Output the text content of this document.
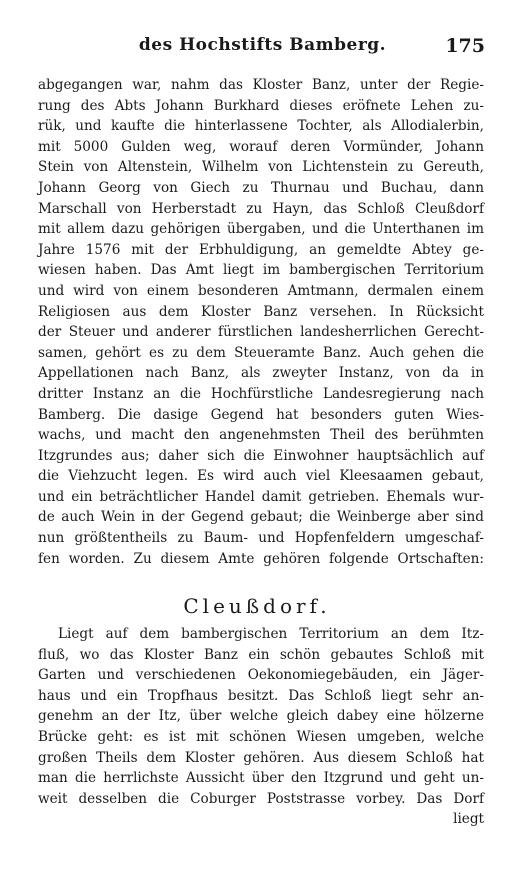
des Hochstifts Bamberg.	175
abgegangen war, nahm das Kloster Banz, unter der Regie-
rung des Abts Johann Burkhard dieses eröfnete Lehen zu-
rük, und kaufte die hinterlassene Tochter, als Allodialerbin,
mit 5000 Gulden weg, worauf deren Vormünder, Johann
Stein von Altenstein, Wilhelm von Lichtenstein zu Gereuth,
Johann Georg von Giech zu Thurnau und Buchau, dann
Marschall von Herberstadt zu Hayn, das Schloß Cleußdorf
mit allem dazu gehörigen übergaben, und die Unterthanen im
Jahre 1576 mit der Erbhuldigung, an gemeldte Abtey ge-
wiesen haben. Das Amt liegt im bambergischen Territorium
und wird von einem besonderen Amtmann, dermalen einem
Religiosen aus dem Kloster Banz versehen. In Rücksicht
der Steuer und anderer fürstlichen landesherrlichen Gerecht-
samen, gehört es zu dem Steueramte Banz. Auch gehen die
Appellationen nach Banz, als zweyter Instanz, von da in
dritter Instanz an die Hochfürstliche Landesregierung nach
Bamberg. Die dasige Gegend hat besonders guten Wies-
wachs, und macht den angenehmsten Theil des berühmten
Itzgrundes aus; daher sich die Einwohner hauptsächlich auf
die Viehzucht legen. Es wird auch viel Kleesaamen gebaut,
und ein beträchtlicher Handel damit getrieben. Ehemals wur-
de auch Wein in der Gegend gebaut; die Weinberge aber sind
nun größtentheils zu Baum- und Hopfenfeldern umgeschaf-
fen worden. Zu diesem Amte gehören folgende Ortschaften:
Cleußdorf.
Liegt auf dem bambergischen Territorium an dem Itz-
fluß, wo das Kloster Banz ein schön gebautes Schloß mit
Garten und verschiedenen Oekonomiegebäuden, ein Jäger-
haus und ein Tropfhaus besitzt. Das Schloß liegt sehr an-
genehm an der Itz, über welche gleich dabey eine hölzerne
Brücke geht: es ist mit schönen Wiesen umgeben, welche
großen Theils dem Kloster gehören. Aus diesem Schloß hat
man die herrlichste Aussicht über den Itzgrund und geht un-
weit desselben die Coburger Poststrasse vorbey. Das Dorf
liegt
